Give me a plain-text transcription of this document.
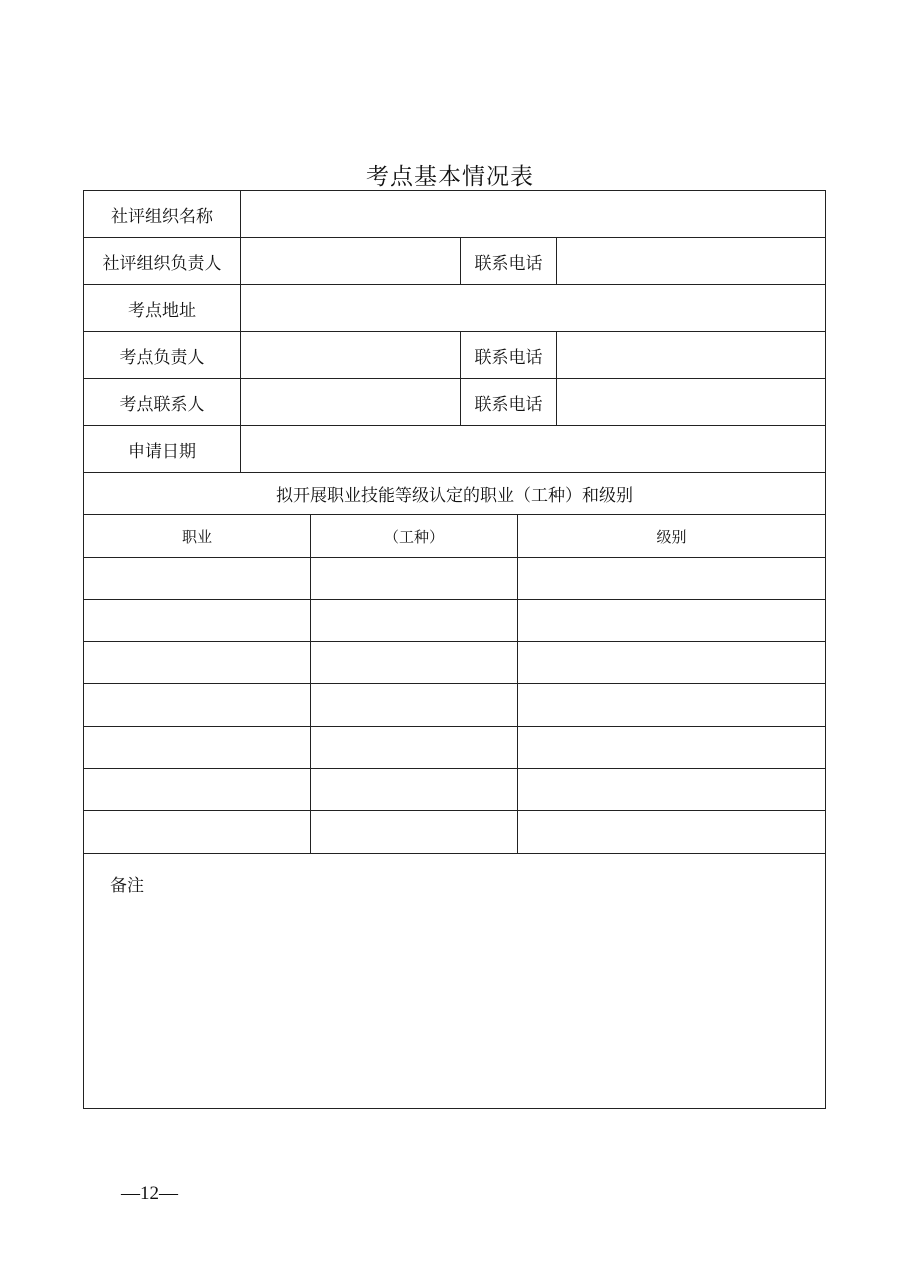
考点基本情况表
社评组织名称
社评组织负责人	联系电话
考点地址
考点负责人	联系电话
考点联系人	联系电话
申请日期
拟开展职业技能等级认定的职业（工种）和级别
职业	（工种）	级别
备注
—12—
